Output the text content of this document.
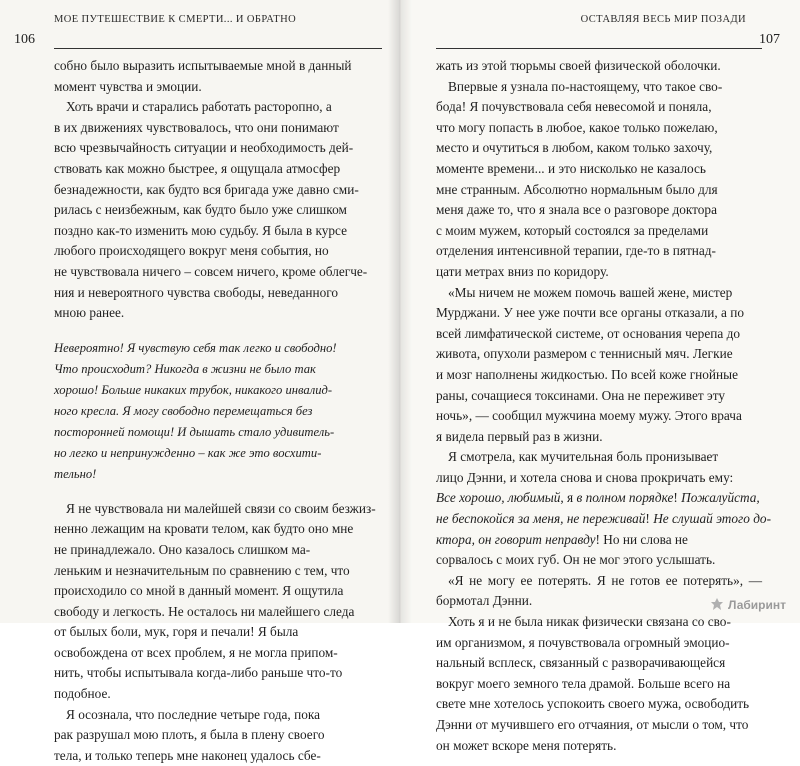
МОЕ ПУТЕШЕСТВИЕ К СМЕРТИ... И ОБРАТНО
106
собно было выразить испытываемые мной в данный
момент чувства и эмоции.
Хоть врачи и старались работать расторопно, а
в их движениях чувствовалось, что они понимают
всю чрезвычайность ситуации и необходимость дей-
ствовать как можно быстрее, я ощущала атмосфер
безнадежности, как будто вся бригада уже давно сми-
рилась с неизбежным, как будто было уже слишком
поздно как-то изменить мою судьбу. Я была в курсе
любого происходящего вокруг меня события, но
не чувствовала ничего – совсем ничего, кроме облегче-
ния и невероятного чувства свободы, неведанного
мною ранее.
Невероятно! Я чувствую себя так легко и свободно!
Что происходит? Никогда в жизни не было так
хорошо! Больше никаких трубок, никакого инвалид-
ного кресла. Я могу свободно перемещаться без
посторонней помощи! И дышать стало удивитель-
но легко и непринужденно – как же это восхити-
тельно!
Я не чувствовала ни малейшей связи со своим безжиз-
ненно лежащим на кровати телом, как будто оно мне
не принадлежало. Оно казалось слишком ма-
леньким и незначительным по сравнению с тем, что
происходило со мной в данный момент. Я ощутила
свободу и легкость. Не осталось ни малейшего следа
от былых боли, мук, горя и печали! Я была
освобождена от всех проблем, я не могла припом-
нить, чтобы испытывала когда-либо раньше что-то
подобное.
Я осознала, что последние четыре года, пока
рак разрушал мою плоть, я была в плену своего
тела, и только теперь мне наконец удалось сбе-
ОСТАВЛЯЯ ВЕСЬ МИР ПОЗАДИ
107
жать из этой тюрьмы своей физической оболочки.
Впервые я узнала по-настоящему, что такое сво-
бода! Я почувствовала себя невесомой и поняла,
что могу попасть в любое, какое только пожелаю,
место и очутиться в любом, каком только захочу,
моменте времени... и это нисколько не казалось
мне странным. Абсолютно нормальным было для
меня даже то, что я знала все о разговоре доктора
с моим мужем, который состоялся за пределами
отделения интенсивной терапии, где-то в пятнад-
цати метрах вниз по коридору.
«Мы ничем не можем помочь вашей жене, мистер
Мурджани. У нее уже почти все органы отказали, а по
всей лимфатической системе, от основания черепа до
живота, опухоли размером с теннисный мяч. Легкие
и мозг наполнены жидкостью. По всей коже гнойные
раны, сочащиеся токсинами. Она не переживет эту
ночь», — сообщил мужчина моему мужу. Этого врача
я видела первый раз в жизни.
Я смотрела, как мучительная боль пронизывает
лицо Дэнни, и хотела снова и снова прокричать ему:
Все хорошо, любимый, я в полном порядке! Пожалуйста,
не беспокойся за меня, не переживай! Не слушай этого до-
ктора, он говорит неправду! Но ни слова не
сорвалось с моих губ. Он не мог этого услышать.
«Я не могу ее потерять. Я не готов ее потерять», — бормотал Дэнни.
Хоть я и не была никак физически связана со сво-
им организмом, я почувствовала огромный эмоцио-
нальный всплеск, связанный с разворачивающейся
вокруг моего земного тела драмой. Больше всего на
свете мне хотелось успокоить своего мужа, освободить
Дэнни от мучившего его отчаяния, от мысли о том, что
он может вскоре меня потерять.
Лабиринт
